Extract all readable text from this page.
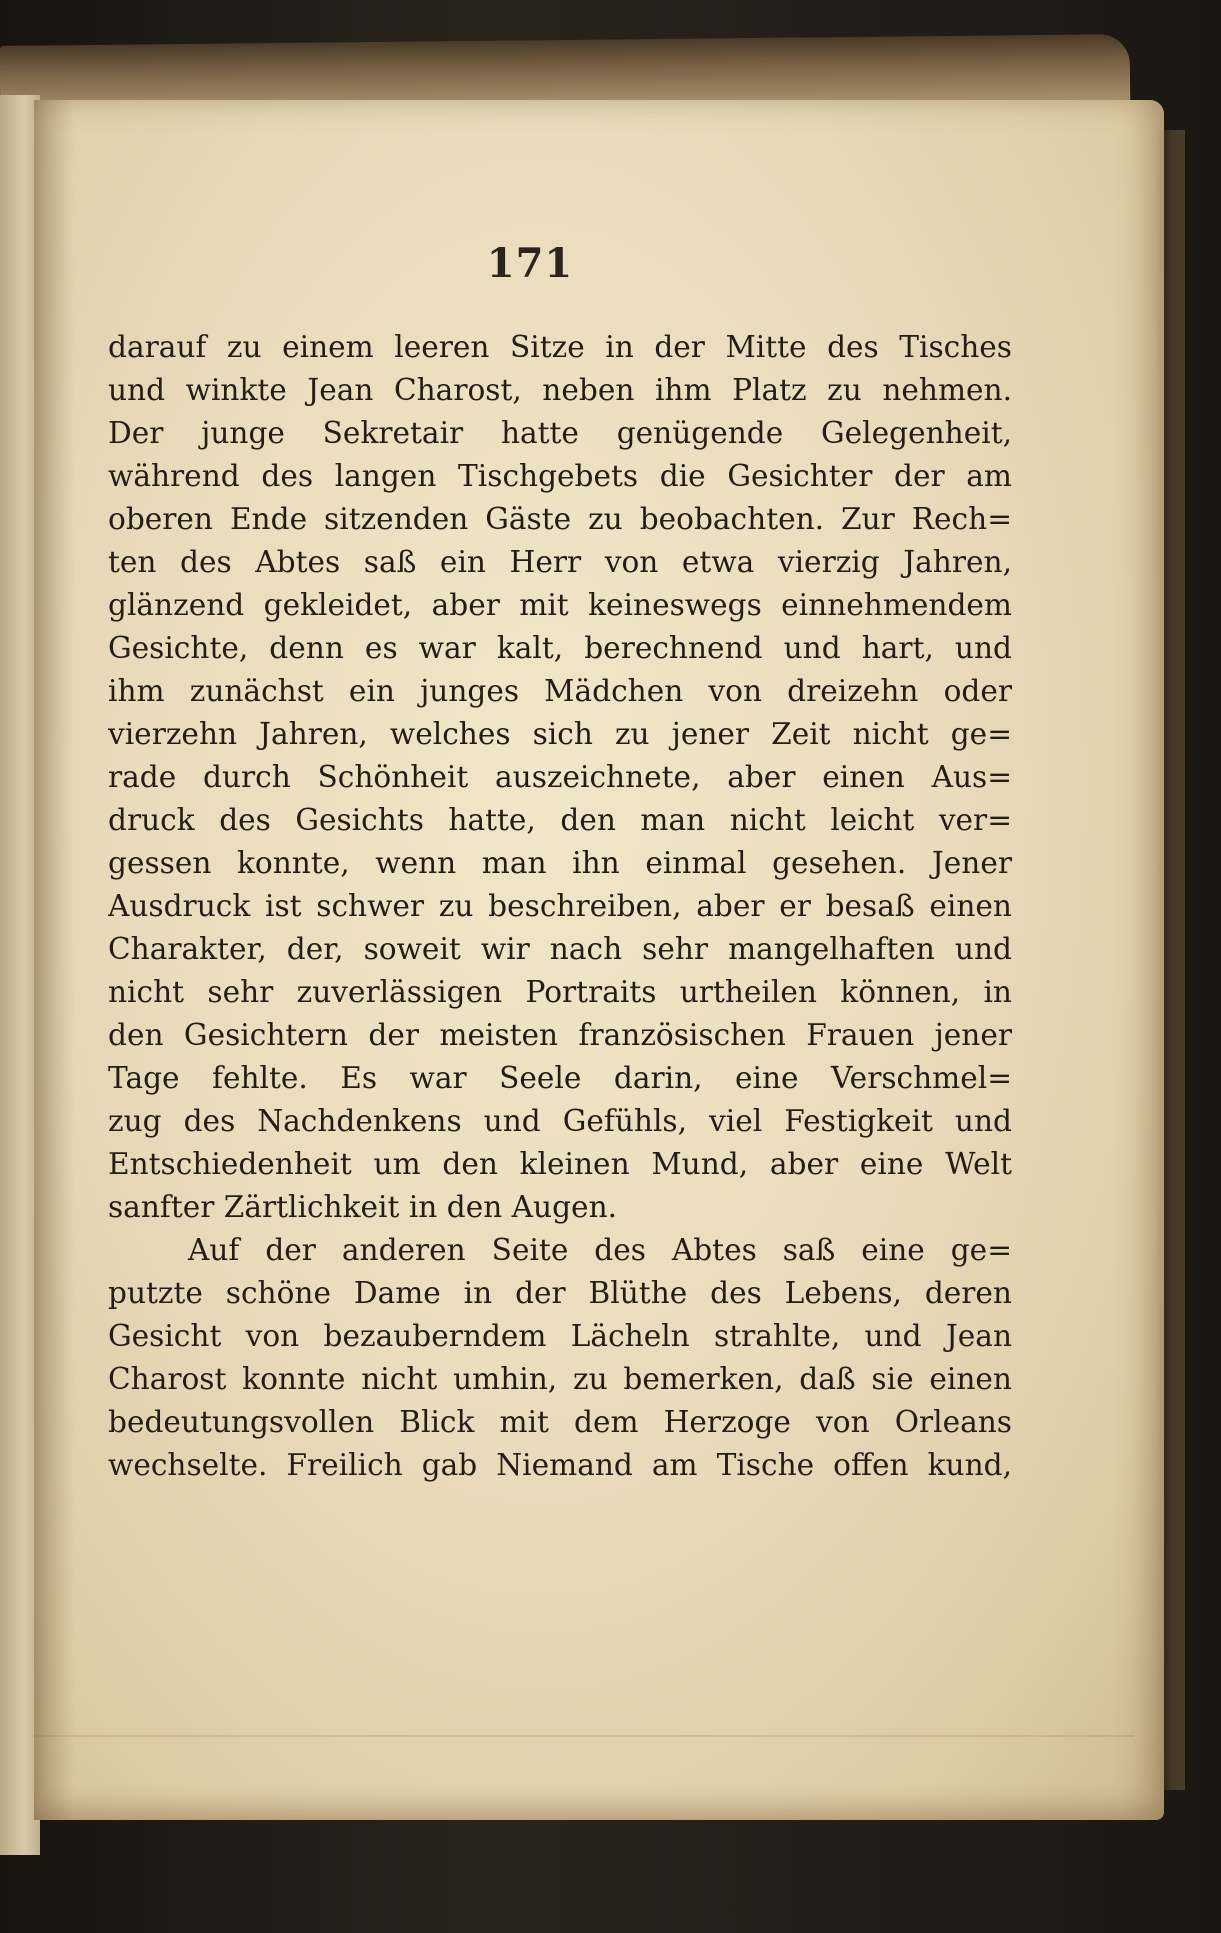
171
darauf zu einem leeren Sitze in der Mitte des Tisches
und winkte Jean Charost, neben ihm Platz zu nehmen.
Der junge Sekretair hatte genügende Gelegenheit,
während des langen Tischgebets die Gesichter der am
oberen Ende sitzenden Gäste zu beobachten. Zur Rech=
ten des Abtes saß ein Herr von etwa vierzig Jahren,
glänzend gekleidet, aber mit keineswegs einnehmendem
Gesichte, denn es war kalt, berechnend und hart, und
ihm zunächst ein junges Mädchen von dreizehn oder
vierzehn Jahren, welches sich zu jener Zeit nicht ge=
rade durch Schönheit auszeichnete, aber einen Aus=
druck des Gesichts hatte, den man nicht leicht ver=
gessen konnte, wenn man ihn einmal gesehen. Jener
Ausdruck ist schwer zu beschreiben, aber er besaß einen
Charakter, der, soweit wir nach sehr mangelhaften und
nicht sehr zuverlässigen Portraits urtheilen können, in
den Gesichtern der meisten französischen Frauen jener
Tage fehlte. Es war Seele darin, eine Verschmel=
zug des Nachdenkens und Gefühls, viel Festigkeit und
Entschiedenheit um den kleinen Mund, aber eine Welt
sanfter Zärtlichkeit in den Augen.
Auf der anderen Seite des Abtes saß eine ge=
putzte schöne Dame in der Blüthe des Lebens, deren
Gesicht von bezauberndem Lächeln strahlte, und Jean
Charost konnte nicht umhin, zu bemerken, daß sie einen
bedeutungsvollen Blick mit dem Herzoge von Orleans
wechselte. Freilich gab Niemand am Tische offen kund,
